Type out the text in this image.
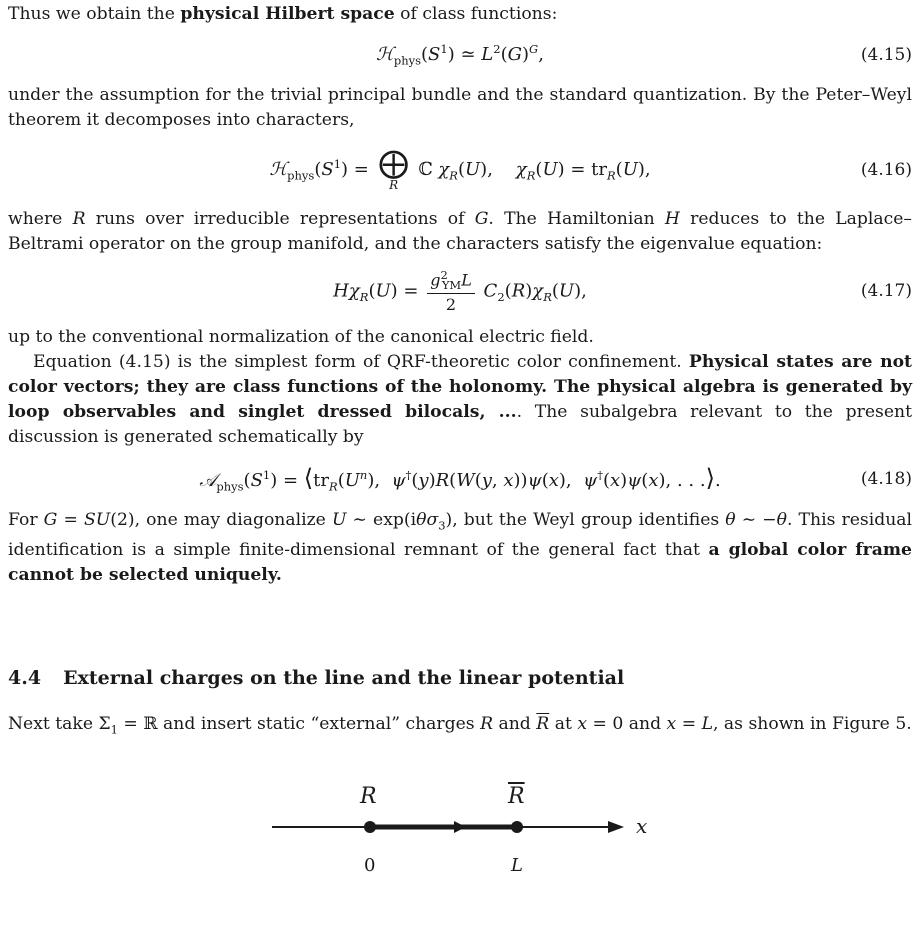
Thus we obtain the physical Hilbert space of class functions:

$ℋ_{phys}(S^1)$ ≃ $L^2(G)^G$,	(4.15)

under the assumption for the trivial principal bundle and the standard quantization. By the Peter–Weyl theorem it decomposes into characters,

$ℋ_{phys}(S^1)$ = ⨁
R
ℂ $\chi_R(U)$,    $\chi_R(U) = tr_R(U)$,	(4.16)

where R runs over irreducible representations of G. The Hamiltonian H reduces to the Laplace–Beltrami operator on the group manifold, and the characters satisfy the eigenvalue equation:

$H\chi_R(U) = \frac{g^2_{YM}L}{2} C_2(R)\chi_R(U)$,	(4.17)

up to the conventional normalization of the canonical electric field.

Equation (4.15) is the simplest form of QRF-theoretic color confinement. Physical states are not color vectors; they are class functions of the holonomy. The physical algebra is generated by loop observables and singlet dressed bilocals, .... The subalgebra relevant to the present discussion is generated schematically by

$𝒜_{phys}(S^1)$ = $⟨tr_R(U^n)$,  ψ†(y)R(W(y, x))ψ(x),  ψ†(x)ψ(x), . . .⟩.	(4.18)

For G = SU(2), one may diagonalize U ∼ exp(iθσ$_3$), but the Weyl group identifies θ ∼ −θ. This residual identification is a simple finite-dimensional remnant of the general fact that a global color frame cannot be selected uniquely.

4.4 External charges on the line and the linear potential

Next take $\Sigma_1$ = ℝ and insert static “external” charges R and $\overline{R}$ at x = 0 and x = L, as shown in Figure 5.

R	$\overline{R}$
x
0	L
